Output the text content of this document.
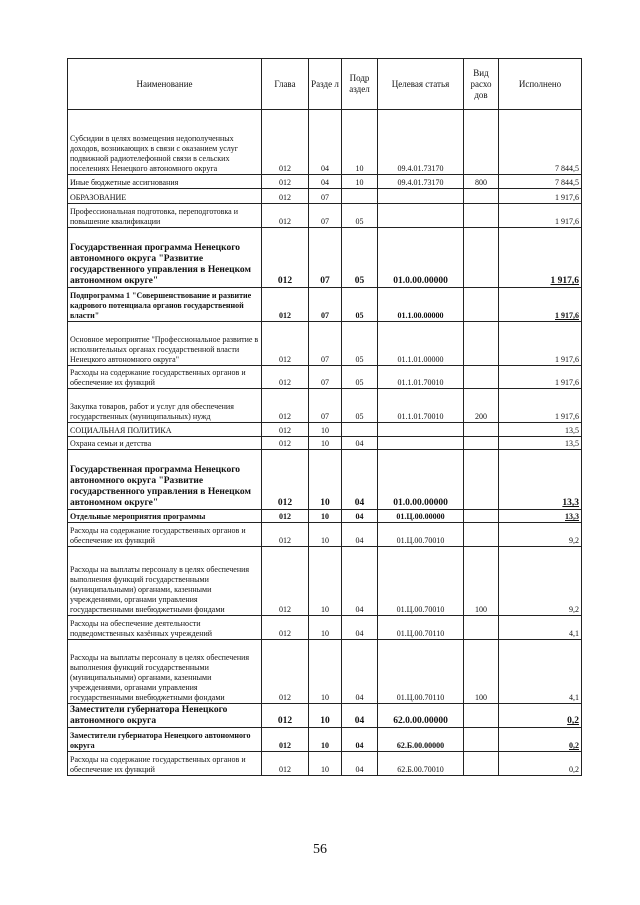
Наименование	Глава	Разде л	Подр аздел	Целевая статья	Вид расхо дов	Исполнено
Субсидии в целях возмещения недополученных доходов, возникающих в связи с оказанием услуг подвижной радиотелефонной связи в сельских поселениях Ненецкого автономного округа	012	04	10	09.4.01.73170		7 844,5
Иные бюджетные ассигнования	012	04	10	09.4.01.73170	800	7 844,5
ОБРАЗОВАНИЕ	012	07				1 917,6
Профессиональная подготовка, переподготовка и повышение квалификации	012	07	05			1 917,6
Государственная программа Ненецкого автономного округа "Развитие государственного управления в Ненецком автономном округе"	012	07	05	01.0.00.00000		1 917,6
Подпрограмма 1 "Совершенствование и развитие кадрового потенциала органов государственной власти"	012	07	05	01.1.00.00000		1 917,6
Основное мероприятие "Профессиональное развитие в исполнительных органах государственной власти Ненецкого автономного округа"	012	07	05	01.1.01.00000		1 917,6
Расходы на содержание государственных органов и обеспечение их функций	012	07	05	01.1.01.70010		1 917,6
Закупка товаров, работ и услуг для обеспечения государственных (муниципальных) нужд	012	07	05	01.1.01.70010	200	1 917,6
СОЦИАЛЬНАЯ ПОЛИТИКА	012	10				13,5
Охрана семьи и детства	012	10	04			13,5
Государственная программа Ненецкого автономного округа "Развитие государственного управления в Ненецком автономном округе"	012	10	04	01.0.00.00000		13,3
Отдельные мероприятия программы	012	10	04	01.Ц.00.00000		13,3
Расходы на содержание государственных органов и обеспечение их функций	012	10	04	01.Ц.00.70010		9,2
Расходы на выплаты персоналу в целях обеспечения выполнения функций государственными (муниципальными) органами, казенными учреждениями, органами управления государственными внебюджетными фондами	012	10	04	01.Ц.00.70010	100	9,2
Расходы на обеспечение деятельности подведомственных казённых учреждений	012	10	04	01.Ц.00.70110		4,1
Расходы на выплаты персоналу в целях обеспечения выполнения функций государственными (муниципальными) органами, казенными учреждениями, органами управления государственными внебюджетными фондами	012	10	04	01.Ц.00.70110	100	4,1
Заместители губернатора Ненецкого автономного округа	012	10	04	62.0.00.00000		0,2
Заместители губернатора Ненецкого автономного округа	012	10	04	62.Б.00.00000		0,2
Расходы на содержание государственных органов и обеспечение их функций	012	10	04	62.Б.00.70010		0,2
56
